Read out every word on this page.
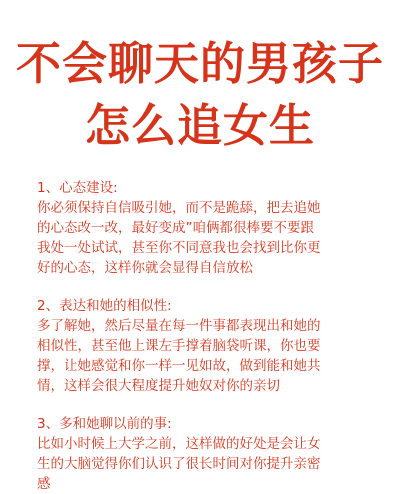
不会聊天的男孩子
怎么追女生

1、心态建设:

你必须保持自信吸引她，而不是跪舔，把去追她

的心态改一改，最好变成”咱俩都很棒要不要跟

我处一处试试，甚至你不同意我也会找到比你更

好的心态，这样你就会显得自信放松

2、表达和她的相似性:

多了解她，然后尽量在每一件事都表现出和她的

相似性，甚至他上课左手撑着脑袋听课，你也要

撑，让她感觉和你一样一见如故，做到能和她共

情，这样会很大程度提升她奴对你的亲切

3、多和她聊以前的事:

比如小时候上大学之前，这样做的好处是会让女

生的大脑觉得你们认识了很长时间对你提升亲密

感
